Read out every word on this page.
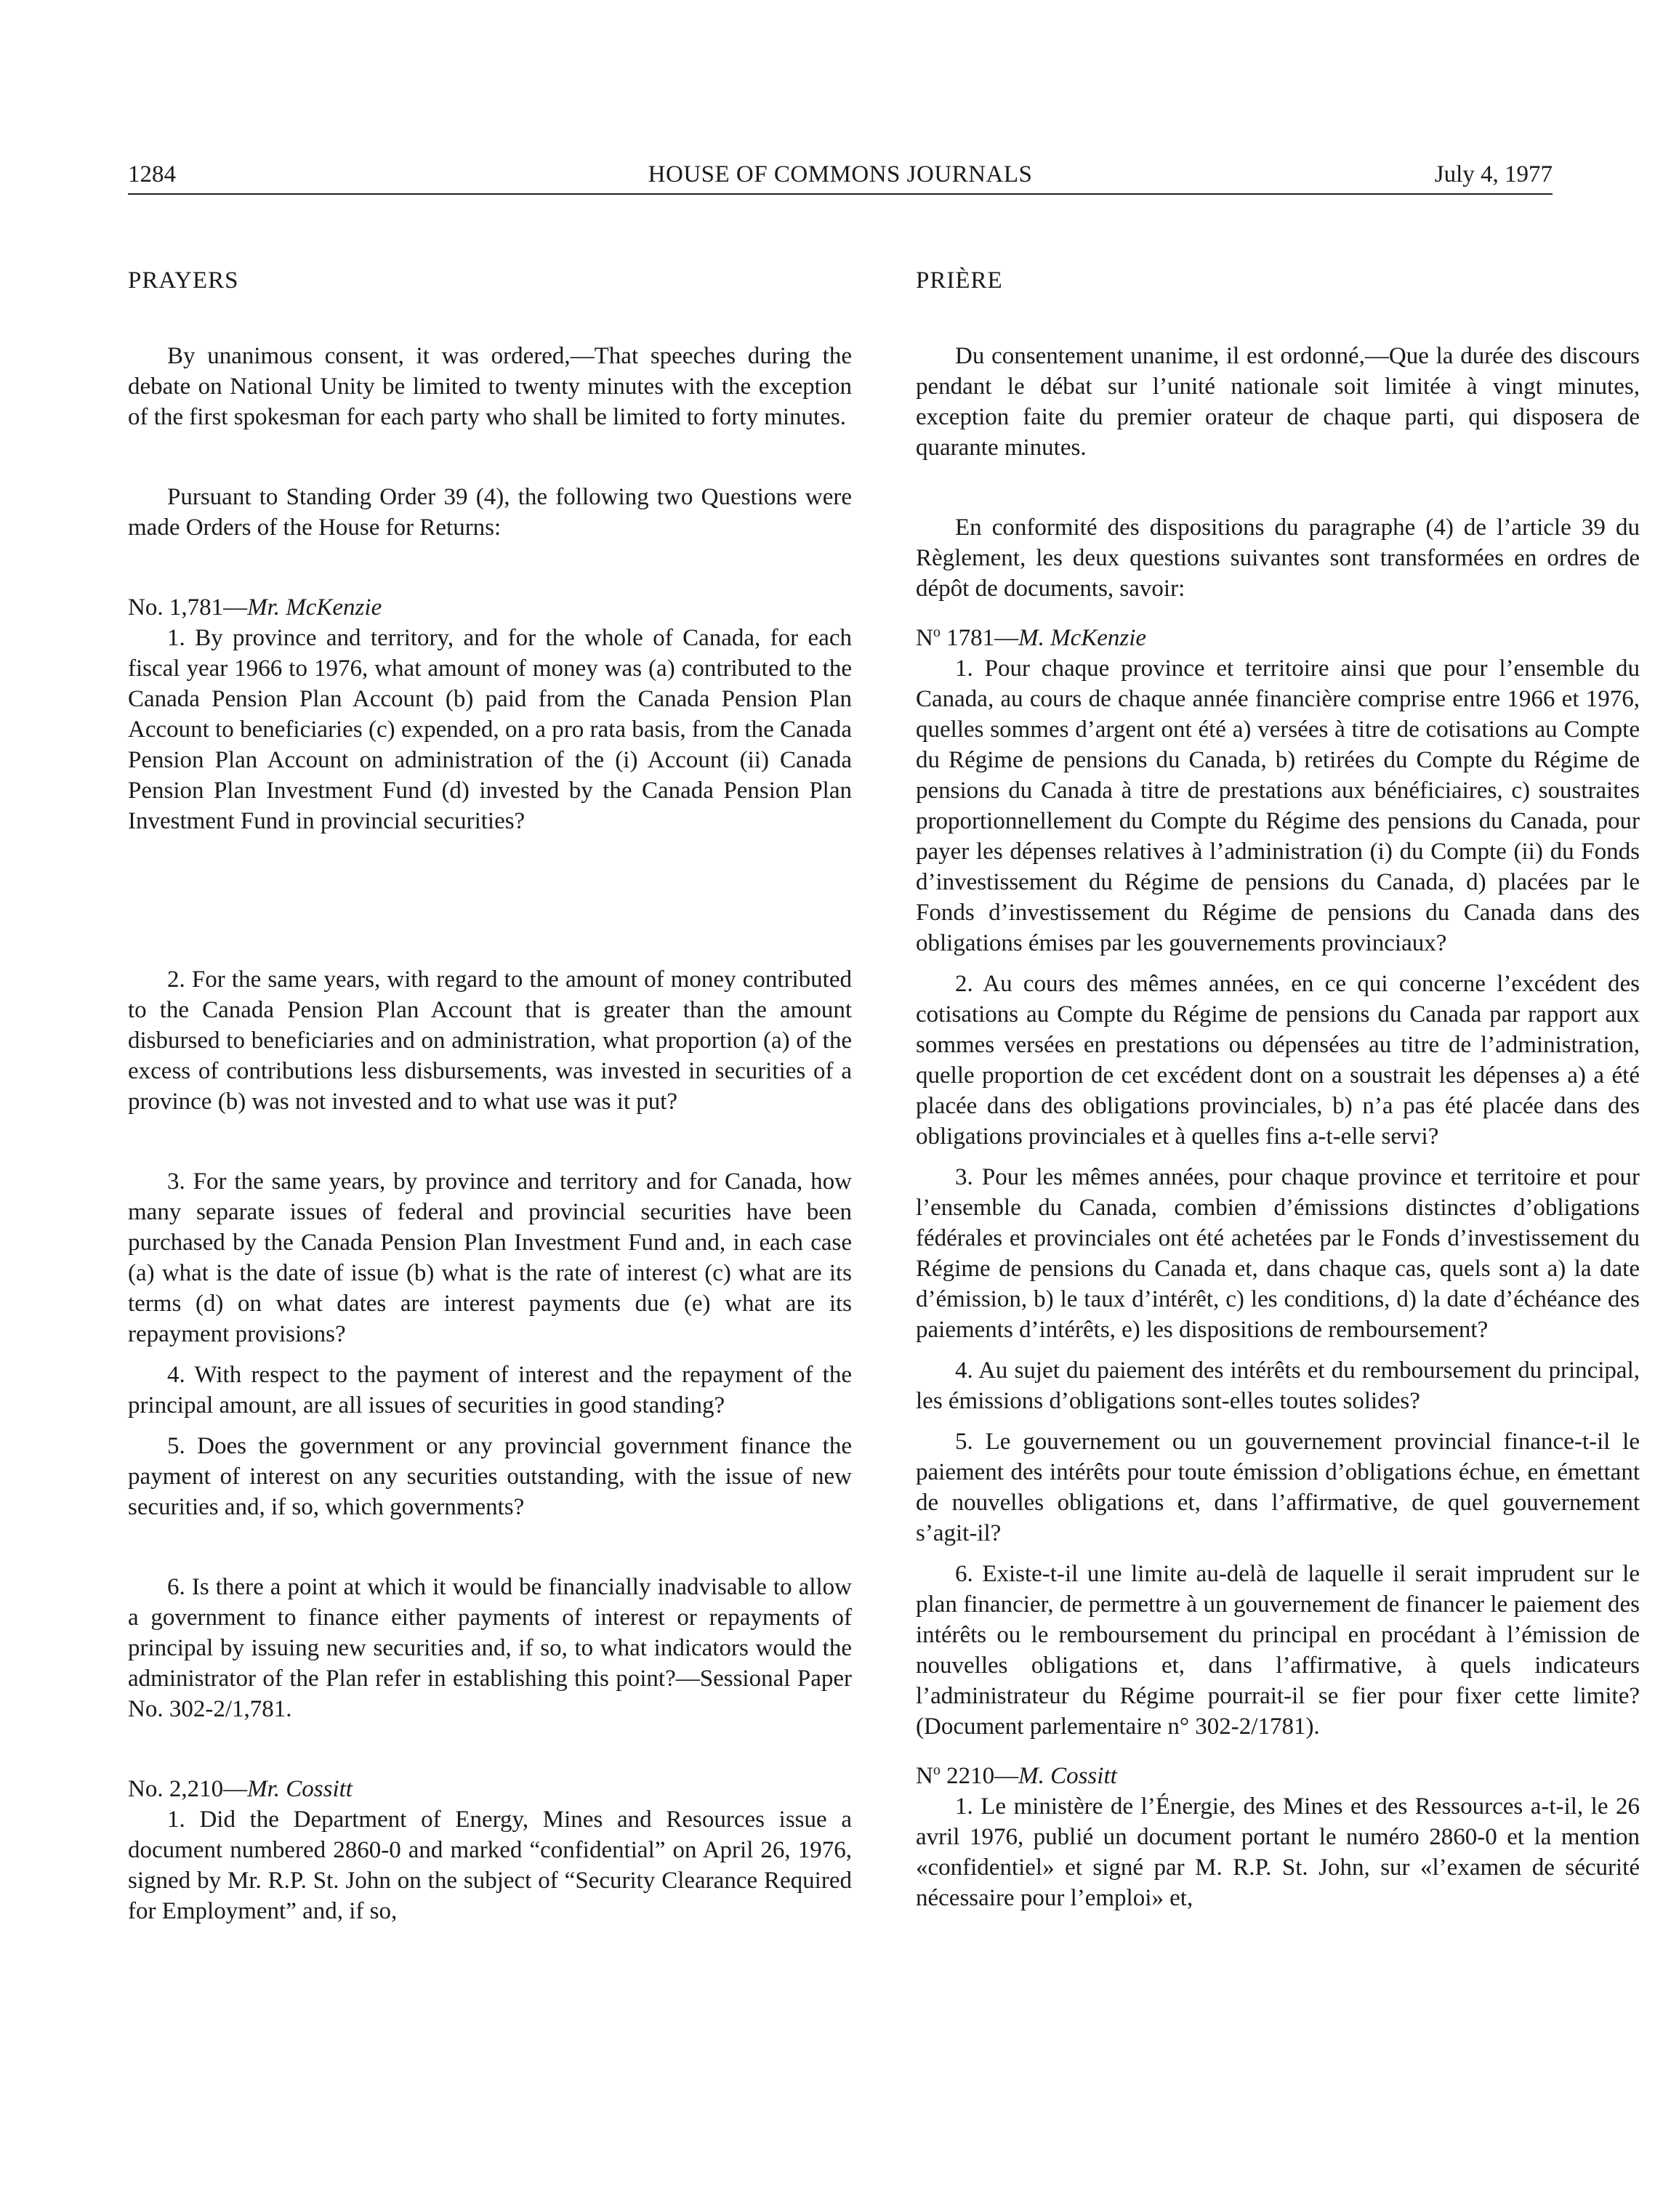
1284	HOUSE OF COMMONS JOURNALS	July 4, 1977

PRAYERS

By unanimous consent, it was ordered,—That speeches during the debate on National Unity be limited to twenty minutes with the exception of the first spokesman for each party who shall be limited to forty minutes.

Pursuant to Standing Order 39 (4), the following two Questions were made Orders of the House for Returns:

No. 1,781—Mr. McKenzie

1. By province and territory, and for the whole of Canada, for each fiscal year 1966 to 1976, what amount of money was (a) contributed to the Canada Pension Plan Account (b) paid from the Canada Pension Plan Account to beneficiaries (c) expended, on a pro rata basis, from the Canada Pension Plan Account on administration of the (i) Account (ii) Canada Pension Plan Investment Fund (d) invested by the Canada Pension Plan Investment Fund in provincial securities?

2. For the same years, with regard to the amount of money contributed to the Canada Pension Plan Account that is greater than the amount disbursed to beneficiaries and on administration, what proportion (a) of the excess of contributions less disbursements, was invested in securities of a province (b) was not invested and to what use was it put?

3. For the same years, by province and territory and for Canada, how many separate issues of federal and provincial securities have been purchased by the Canada Pension Plan Investment Fund and, in each case (a) what is the date of issue (b) what is the rate of interest (c) what are its terms (d) on what dates are interest payments due (e) what are its repayment provisions?

4. With respect to the payment of interest and the repayment of the principal amount, are all issues of securities in good standing?

5. Does the government or any provincial government finance the payment of interest on any securities outstanding, with the issue of new securities and, if so, which governments?

6. Is there a point at which it would be financially inadvisable to allow a government to finance either payments of interest or repayments of principal by issuing new securities and, if so, to what indicators would the administrator of the Plan refer in establishing this point?—Sessional Paper No. 302-2/1,781.

No. 2,210—Mr. Cossitt

1. Did the Department of Energy, Mines and Resources issue a document numbered 2860-0 and marked “confidential” on April 26, 1976, signed by Mr. R.P. St. John on the subject of “Security Clearance Required for Employment” and, if so,

PRIÈRE

Du consentement unanime, il est ordonné,—Que la durée des discours pendant le débat sur l’unité nationale soit limitée à vingt minutes, exception faite du premier orateur de chaque parti, qui disposera de quarante minutes.

En conformité des dispositions du paragraphe (4) de l’article 39 du Règlement, les deux questions suivantes sont transformées en ordres de dépôt de documents, savoir:

$N^o$ 1781—M. McKenzie

1. Pour chaque province et territoire ainsi que pour l’ensemble du Canada, au cours de chaque année financière comprise entre 1966 et 1976, quelles sommes d’argent ont été a) versées à titre de cotisations au Compte du Régime de pensions du Canada, b) retirées du Compte du Régime de pensions du Canada à titre de prestations aux bénéficiaires, c) soustraites proportionnellement du Compte du Régime des pensions du Canada, pour payer les dépenses relatives à l’administration (i) du Compte (ii) du Fonds d’investissement du Régime de pensions du Canada, d) placées par le Fonds d’investissement du Régime de pensions du Canada dans des obligations émises par les gouvernements provinciaux?

2. Au cours des mêmes années, en ce qui concerne l’excédent des cotisations au Compte du Régime de pensions du Canada par rapport aux sommes versées en prestations ou dépensées au titre de l’administration, quelle proportion de cet excédent dont on a soustrait les dépenses a) a été placée dans des obligations provinciales, b) n’a pas été placée dans des obligations provinciales et à quelles fins a-t-elle servi?

3. Pour les mêmes années, pour chaque province et territoire et pour l’ensemble du Canada, combien d’émissions distinctes d’obligations fédérales et provinciales ont été achetées par le Fonds d’investissement du Régime de pensions du Canada et, dans chaque cas, quels sont a) la date d’émission, b) le taux d’intérêt, c) les conditions, d) la date d’échéance des paiements d’intérêts, e) les dispositions de remboursement?

4. Au sujet du paiement des intérêts et du remboursement du principal, les émissions d’obligations sont-elles toutes solides?

5. Le gouvernement ou un gouvernement provincial finance-t-il le paiement des intérêts pour toute émission d’obligations échue, en émettant de nouvelles obligations et, dans l’affirmative, de quel gouvernement s’agit-il?

6. Existe-t-il une limite au-delà de laquelle il serait imprudent sur le plan financier, de permettre à un gouvernement de financer le paiement des intérêts ou le remboursement du principal en procédant à l’émission de nouvelles obligations et, dans l’affirmative, à quels indicateurs l’administrateur du Régime pourrait-il se fier pour fixer cette limite? (Document parlementaire n° 302-2/1781).

$N^o$ 2210—M. Cossitt

1. Le ministère de l’Énergie, des Mines et des Ressources a-t-il, le 26 avril 1976, publié un document portant le numéro 2860-0 et la mention «confidentiel» et signé par M. R.P. St. John, sur «l’examen de sécurité nécessaire pour l’emploi» et,
